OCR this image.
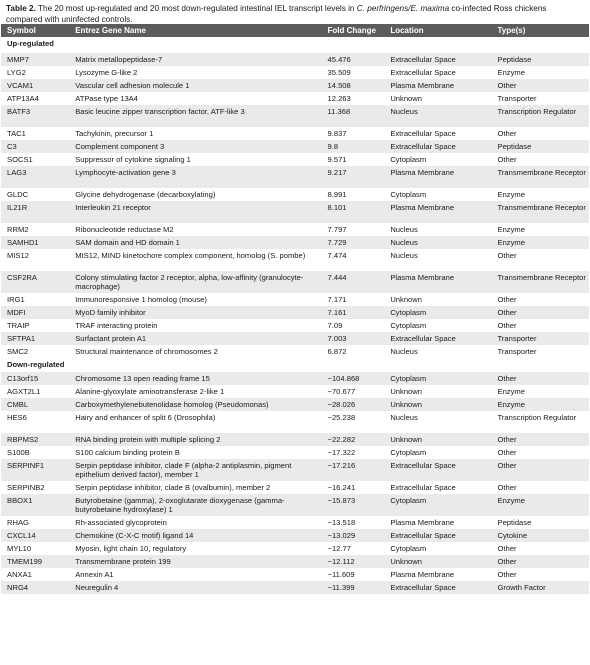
Table 2. The 20 most up-regulated and 20 most down-regulated intestinal IEL transcript levels in C. perfringens/E. maxima co-infected Ross chickens compared with uninfected controls.
Symbol	Entrez Gene Name	Fold Change	Location	Type(s)
Up-regulated				
MMP7	Matrix metallopeptidase-7	45.476	Extracellular Space	Peptidase
LYG2	Lysozyme G-like 2	35.509	Extracellular Space	Enzyme
VCAM1	Vascular cell adhesion molecule 1	14.508	Plasma Membrane	Other
ATP13A4	ATPase type 13A4	12.263	Unknown	Transporter
BATF3	Basic leucine zipper transcription factor, ATF-like 3	11.368	Nucleus	Transcription Regulator
TAC1	Tachykinin, precursor 1	9.837	Extracellular Space	Other
C3	Complement component 3	9.8	Extracellular Space	Peptidase
SOCS1	Suppressor of cytokine signaling 1	9.571	Cytoplasm	Other
LAG3	Lymphocyte-activation gene 3	9.217	Plasma Membrane	Transmembrane Receptor
GLDC	Glycine dehydrogenase (decarboxylating)	8.991	Cytoplasm	Enzyme
IL21R	Interleukin 21 receptor	8.101	Plasma Membrane	Transmembrane Receptor
RRM2	Ribonucleotide reductase M2	7.797	Nucleus	Enzyme
SAMHD1	SAM domain and HD domain 1	7.729	Nucleus	Enzyme
MIS12	MIS12, MIND kinetochore complex component, homolog (S. pombe)	7.474	Nucleus	Other
CSF2RA	Colony stimulating factor 2 receptor, alpha, low-affinity (granulocyte-macrophage)	7.444	Plasma Membrane	Transmembrane Receptor
IRG1	Immunoresponsive 1 homolog (mouse)	7.171	Unknown	Other
MDFI	MyoD family inhibitor	7.161	Cytoplasm	Other
TRAIP	TRAF interacting protein	7.09	Cytoplasm	Other
SFTPA1	Surfactant protein A1	7.003	Extracellular Space	Transporter
SMC2	Structural maintenance of chromosomes 2	6.872	Nucleus	Transporter
Down-regulated				
C13orf15	Chromosome 13 open reading frame 15	−104.868	Cytoplasm	Other
AGXT2L1	Alanine-glyoxylate aminotransferase 2-like 1	−70.677	Unknown	Enzyme
CMBL	Carboxymethylenebutenolidase homolog (Pseudomonas)	−28.026	Unknown	Enzyme
HES6	Hairy and enhancer of split 6 (Drosophila)	−25.238	Nucleus	Transcription Regulator
RBPMS2	RNA binding protein with multiple splicing 2	−22.282	Unknown	Other
S100B	S100 calcium binding protein B	−17.322	Cytoplasm	Other
SERPINF1	Serpin peptidase inhibitor, clade F (alpha-2 antiplasmin, pigment epithelium derived factor), member 1	−17.216	Extracellular Space	Other
SERPINB2	Serpin peptidase inhibitor, clade B (ovalbumin), member 2	−16.241	Extracellular Space	Other
BBOX1	Butyrobetaine (gamma), 2-oxoglutarate dioxygenase (gamma-butyrobetaine hydroxylase) 1	−15.873	Cytoplasm	Enzyme
RHAG	Rh-associated glycoprotein	−13.518	Plasma Membrane	Peptidase
CXCL14	Chemokine (C-X-C motif) ligand 14	−13.029	Extracellular Space	Cytokine
MYL10	Myosin, light chain 10, regulatory	−12.77	Cytoplasm	Other
TMEM199	Transmembrane protein 199	−12.112	Unknown	Other
ANXA1	Annexin A1	−11.609	Plasma Membrane	Other
NRG4	Neuregulin 4	−11.399	Extracellular Space	Growth Factor
